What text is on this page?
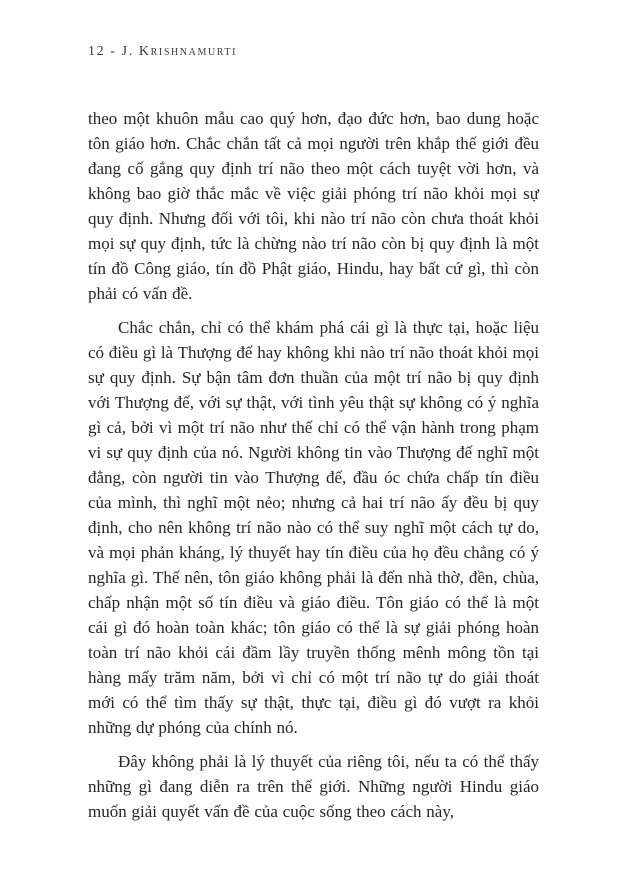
12 - J. Krishnamurti

theo một khuôn mẫu cao quý hơn, đạo đức hơn, bao dung hoặc tôn giáo hơn. Chắc chắn tất cả mọi người trên khắp thế giới đều đang cố gắng quy định trí não theo một cách tuyệt vời hơn, và không bao giờ thắc mắc về việc giải phóng trí não khỏi mọi sự quy định. Nhưng đối với tôi, khi nào trí não còn chưa thoát khỏi mọi sự quy định, tức là chừng nào trí não còn bị quy định là một tín đồ Công giáo, tín đồ Phật giáo, Hindu, hay bất cứ gì, thì còn phải có vấn đề.

Chắc chắn, chỉ có thể khám phá cái gì là thực tại, hoặc liệu có điều gì là Thượng đế hay không khi nào trí não thoát khỏi mọi sự quy định. Sự bận tâm đơn thuần của một trí não bị quy định với Thượng đế, với sự thật, với tình yêu thật sự không có ý nghĩa gì cả, bởi vì một trí não như thế chỉ có thể vận hành trong phạm vi sự quy định của nó. Người không tin vào Thượng đế nghĩ một đằng, còn người tin vào Thượng đế, đầu óc chứa chấp tín điều của mình, thì nghĩ một nẻo; nhưng cả hai trí não ấy đều bị quy định, cho nên không trí não nào có thể suy nghĩ một cách tự do, và mọi phản kháng, lý thuyết hay tín điều của họ đều chẳng có ý nghĩa gì. Thế nên, tôn giáo không phải là đến nhà thờ, đền, chùa, chấp nhận một số tín điều và giáo điều. Tôn giáo có thể là một cái gì đó hoàn toàn khác; tôn giáo có thể là sự giải phóng hoàn toàn trí não khỏi cái đầm lầy truyền thống mênh mông tồn tại hàng mấy trăm năm, bởi vì chỉ có một trí não tự do giải thoát mới có thể tìm thấy sự thật, thực tại, điều gì đó vượt ra khỏi những dự phóng của chính nó.

Đây không phải là lý thuyết của riêng tôi, nếu ta có thể thấy những gì đang diễn ra trên thế giới. Những người Hindu giáo muốn giải quyết vấn đề của cuộc sống theo cách này,
